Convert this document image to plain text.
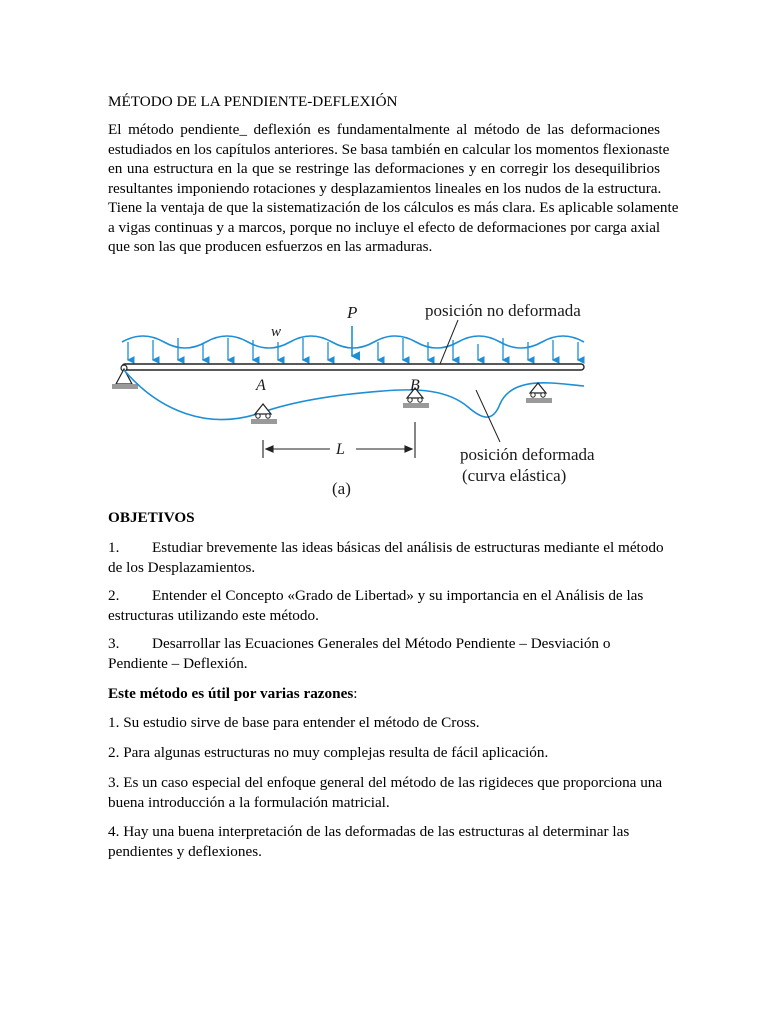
MÉTODO DE LA PENDIENTE-DEFLEXIÓN
El método pendiente_ deflexión es fundamentalmente al método de las deformaciones
estudiados en los capítulos anteriores. Se basa también en calcular los momentos flexionaste
en una estructura en la que se restringe las deformaciones y en corregir los desequilibrios
resultantes imponiendo rotaciones y desplazamientos lineales en los nudos de la estructura.
Tiene la ventaja de que la sistematización de los cálculos es más clara. Es aplicable solamente
a vigas continuas y a marcos, porque no incluye el efecto de deformaciones por carga axial
que son las que producen esfuerzos en las armaduras.
w
P	posición no deformada
A	B
L	posición deformada
(curva elástica)
(a)
OBJETIVOS
1. Estudiar brevemente las ideas básicas del análisis de estructuras mediante el método
de los Desplazamientos.
2. Entender el Concepto «Grado de Libertad» y su importancia en el Análisis de las
estructuras utilizando este método.
3. Desarrollar las Ecuaciones Generales del Método Pendiente – Desviación o
Pendiente – Deflexión.
Este método es útil por varias razones:
1. Su estudio sirve de base para entender el método de Cross.
2. Para algunas estructuras no muy complejas resulta de fácil aplicación.
3. Es un caso especial del enfoque general del método de las rigideces que proporciona una
buena introducción a la formulación matricial.
4. Hay una buena interpretación de las deformadas de las estructuras al determinar las
pendientes y deflexiones.
